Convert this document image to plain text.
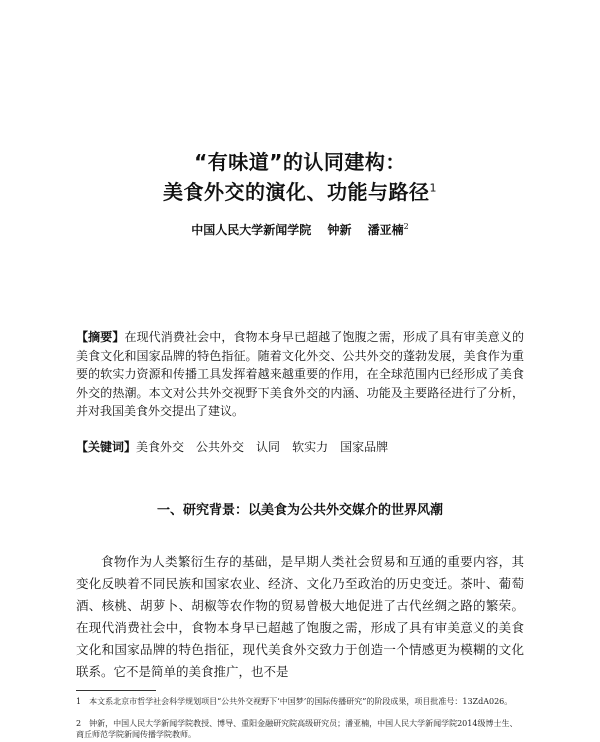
“有味道”的认同建构：
美食外交的演化、功能与路径$^1$
中国人民大学新闻学院 钟新 潘亚楠$^2$
【摘要】在现代消费社会中，食物本身早已超越了饱腹之需，形成了具有审美意义的美食文化和国家品牌的特色指征。随着文化外交、公共外交的蓬勃发展，美食作为重要的软实力资源和传播工具发挥着越来越重要的作用，在全球范围内已经形成了美食外交的热潮。本文对公共外交视野下美食外交的内涵、功能及主要路径进行了分析，并对我国美食外交提出了建议。
【关键词】美食外交 公共外交 认同 软实力 国家品牌
一、研究背景：以美食为公共外交媒介的世界风潮
食物作为人类繁衍生存的基础，是早期人类社会贸易和互通的重要内容，其变化反映着不同民族和国家农业、经济、文化乃至政治的历史变迁。茶叶、葡萄酒、核桃、胡萝卜、胡椒等农作物的贸易曾极大地促进了古代丝绸之路的繁荣。在现代消费社会中，食物本身早已超越了饱腹之需，形成了具有审美意义的美食文化和国家品牌的特色指征，现代美食外交致力于创造一个情感更为模糊的文化联系。它不是简单的美食推广，也不是
1　本文系北京市哲学社会科学规划项目“公共外交视野下‘中国梦’的国际传播研究”的阶段成果，项目批准号：13ZdA026。
2　钟新，中国人民大学新闻学院教授、博导、重阳金融研究院高级研究员；潘亚楠，中国人民大学新闻学院2014级博士生、商丘师范学院新闻传播学院教师。
